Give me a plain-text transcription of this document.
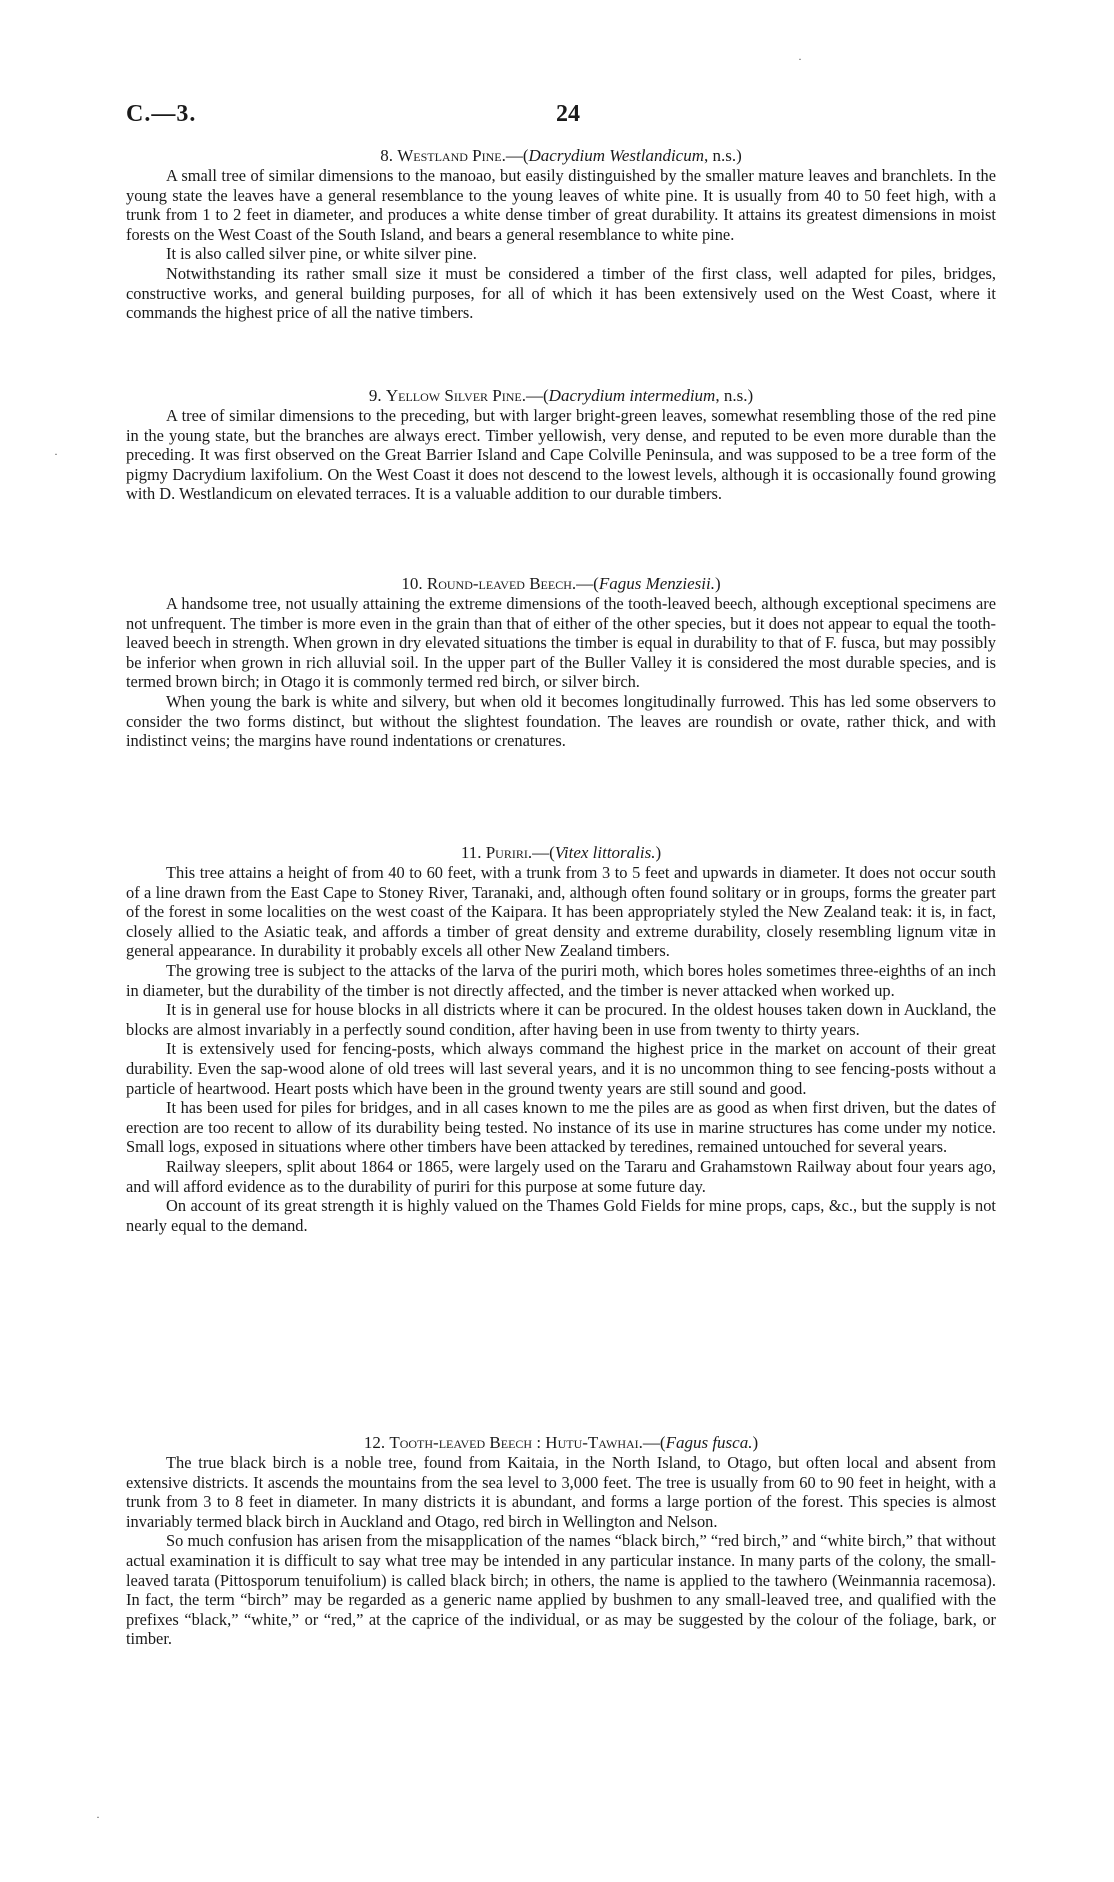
C.—3.	24

8. Westland Pine.—(Dacrydium Westlandicum, n.s.)

A small tree of similar dimensions to the manoao, but easily distinguished by the smaller mature leaves and branchlets. In the young state the leaves have a general resemblance to the young leaves of white pine. It is usually from 40 to 50 feet high, with a trunk from 1 to 2 feet in diameter, and produces a white dense timber of great durability. It attains its greatest dimensions in moist forests on the West Coast of the South Island, and bears a general resemblance to white pine.

It is also called silver pine, or white silver pine.

Notwithstanding its rather small size it must be considered a timber of the first class, well adapted for piles, bridges, constructive works, and general building purposes, for all of which it has been extensively used on the West Coast, where it commands the highest price of all the native timbers.

9. Yellow Silver Pine.—(Dacrydium intermedium, n.s.)

A tree of similar dimensions to the preceding, but with larger bright-green leaves, somewhat resembling those of the red pine in the young state, but the branches are always erect. Timber yellowish, very dense, and reputed to be even more durable than the preceding. It was first observed on the Great Barrier Island and Cape Colville Peninsula, and was supposed to be a tree form of the pigmy Dacrydium laxifolium. On the West Coast it does not descend to the lowest levels, although it is occasionally found growing with D. Westlandicum on elevated terraces. It is a valuable addition to our durable timbers.

10. Round-leaved Beech.—(Fagus Menziesii.)

A handsome tree, not usually attaining the extreme dimensions of the tooth-leaved beech, although exceptional specimens are not unfrequent. The timber is more even in the grain than that of either of the other species, but it does not appear to equal the tooth-leaved beech in strength. When grown in dry elevated situations the timber is equal in durability to that of F. fusca, but may possibly be inferior when grown in rich alluvial soil. In the upper part of the Buller Valley it is considered the most durable species, and is termed brown birch; in Otago it is commonly termed red birch, or silver birch.

When young the bark is white and silvery, but when old it becomes longitudinally furrowed. This has led some observers to consider the two forms distinct, but without the slightest foundation. The leaves are roundish or ovate, rather thick, and with indistinct veins; the margins have round indentations or crenatures.

11. Puriri.—(Vitex littoralis.)

This tree attains a height of from 40 to 60 feet, with a trunk from 3 to 5 feet and upwards in diameter. It does not occur south of a line drawn from the East Cape to Stoney River, Taranaki, and, although often found solitary or in groups, forms the greater part of the forest in some localities on the west coast of the Kaipara. It has been appropriately styled the New Zealand teak: it is, in fact, closely allied to the Asiatic teak, and affords a timber of great density and extreme durability, closely resembling lignum vitæ in general appearance. In durability it probably excels all other New Zealand timbers.

The growing tree is subject to the attacks of the larva of the puriri moth, which bores holes sometimes three-eighths of an inch in diameter, but the durability of the timber is not directly affected, and the timber is never attacked when worked up.

It is in general use for house blocks in all districts where it can be procured. In the oldest houses taken down in Auckland, the blocks are almost invariably in a perfectly sound condition, after having been in use from twenty to thirty years.

It is extensively used for fencing-posts, which always command the highest price in the market on account of their great durability. Even the sap-wood alone of old trees will last several years, and it is no uncommon thing to see fencing-posts without a particle of heartwood. Heart posts which have been in the ground twenty years are still sound and good.

It has been used for piles for bridges, and in all cases known to me the piles are as good as when first driven, but the dates of erection are too recent to allow of its durability being tested. No instance of its use in marine structures has come under my notice. Small logs, exposed in situations where other timbers have been attacked by teredines, remained untouched for several years.

Railway sleepers, split about 1864 or 1865, were largely used on the Tararu and Grahamstown Railway about four years ago, and will afford evidence as to the durability of puriri for this purpose at some future day.

On account of its great strength it is highly valued on the Thames Gold Fields for mine props, caps, &c., but the supply is not nearly equal to the demand.

12. Tooth-leaved Beech : Hutu-Tawhai.—(Fagus fusca.)

The true black birch is a noble tree, found from Kaitaia, in the North Island, to Otago, but often local and absent from extensive districts. It ascends the mountains from the sea level to 3,000 feet. The tree is usually from 60 to 90 feet in height, with a trunk from 3 to 8 feet in diameter. In many districts it is abundant, and forms a large portion of the forest. This species is almost invariably termed black birch in Auckland and Otago, red birch in Wellington and Nelson.

So much confusion has arisen from the misapplication of the names “black birch,” “red birch,” and “white birch,” that without actual examination it is difficult to say what tree may be intended in any particular instance. In many parts of the colony, the small-leaved tarata (Pittosporum tenuifolium) is called black birch; in others, the name is applied to the tawhero (Weinmannia racemosa). In fact, the term “birch” may be regarded as a generic name applied by bushmen to any small-leaved tree, and qualified with the prefixes “black,” “white,” or “red,” at the caprice of the individual, or as may be suggested by the colour of the foliage, bark, or timber.

·
·
·
